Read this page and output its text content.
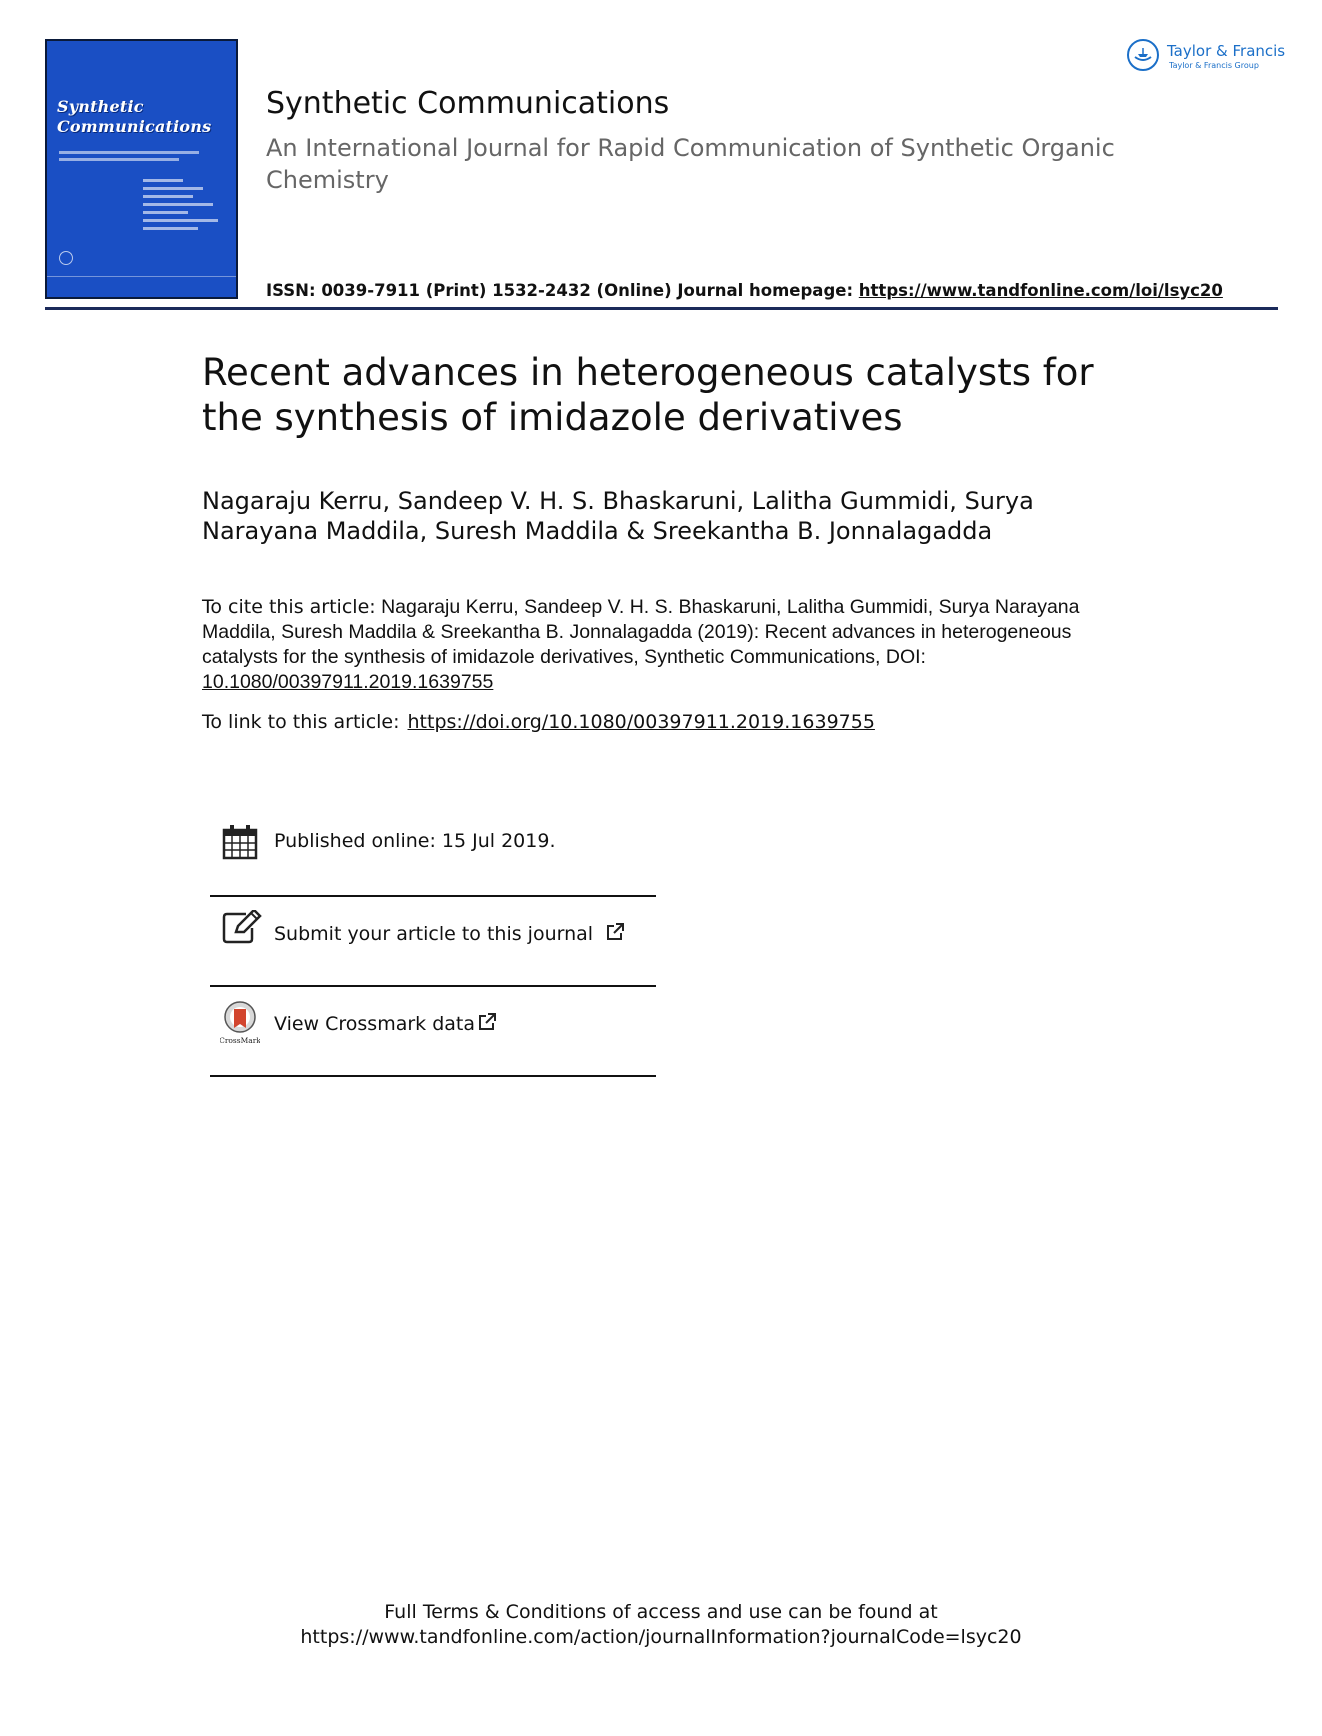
Synthetic
Communications
Synthetic Communications
An International Journal for Rapid Communication of Synthetic Organic Chemistry
ISSN: 0039-7911 (Print) 1532-2432 (Online) Journal homepage: https://www.tandfonline.com/loi/lsyc20
Taylor & Francis
Taylor & Francis Group
Recent advances in heterogeneous catalysts for the synthesis of imidazole derivatives
Nagaraju Kerru, Sandeep V. H. S. Bhaskaruni, Lalitha Gummidi, Surya Narayana Maddila, Suresh Maddila & Sreekantha B. Jonnalagadda
To cite this article: Nagaraju Kerru, Sandeep V. H. S. Bhaskaruni, Lalitha Gummidi, Surya Narayana Maddila, Suresh Maddila & Sreekantha B. Jonnalagadda (2019): Recent advances in heterogeneous catalysts for the synthesis of imidazole derivatives, Synthetic Communications, DOI:
10.1080/00397911.2019.1639755
To link to this article: https://doi.org/10.1080/00397911.2019.1639755
Published online: 15 Jul 2019.
Submit your article to this journal
CrossMark
View Crossmark data
Full Terms & Conditions of access and use can be found at
https://www.tandfonline.com/action/journalInformation?journalCode=lsyc20
